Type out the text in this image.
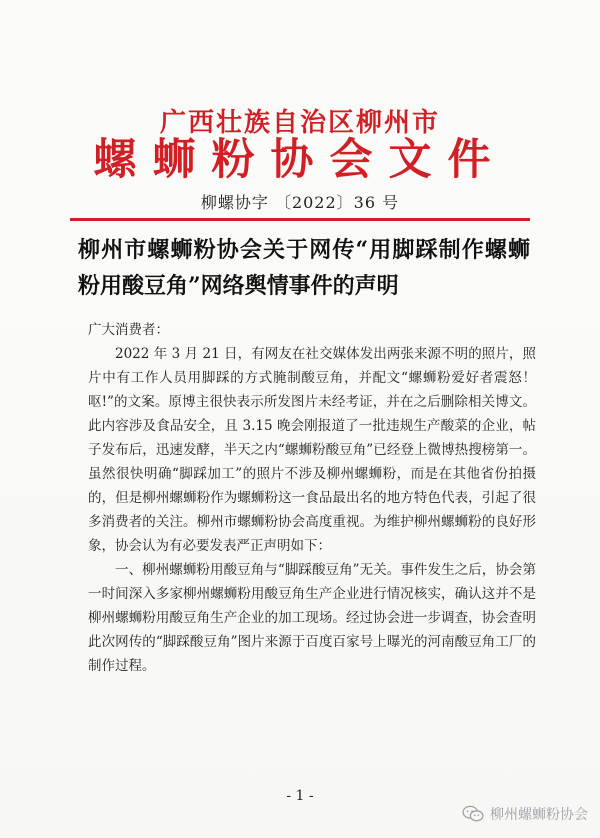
广西壮族自治区柳州市
螺蛳粉协会文件
柳螺协字 〔2022〕36 号
柳州市螺蛳粉协会关于网传“用脚踩制作螺蛳粉用酸豆角”网络舆情事件的声明

广大消费者：

2022 年 3 月 21 日，有网友在社交媒体发出两张来源不明的照片，照片中有工作人员用脚踩的方式腌制酸豆角，并配文“螺蛳粉爱好者震怒！呕!”的文案。原博主很快表示所发图片未经考证，并在之后删除相关博文。此内容涉及食品安全，且 3.15 晚会刚报道了一批违规生产酸菜的企业，帖子发布后，迅速发酵，半天之内“螺蛳粉酸豆角”已经登上微博热搜榜第一。虽然很快明确“脚踩加工”的照片不涉及柳州螺蛳粉，而是在其他省份拍摄的，但是柳州螺蛳粉作为螺蛳粉这一食品最出名的地方特色代表，引起了很多消费者的关注。柳州市螺蛳粉协会高度重视。为维护柳州螺蛳粉的良好形象，协会认为有必要发表严正声明如下：

一、柳州螺蛳粉用酸豆角与“脚踩酸豆角”无关。事件发生之后，协会第一时间深入多家柳州螺蛳粉用酸豆角生产企业进行情况核实，确认这并不是柳州螺蛳粉用酸豆角生产企业的加工现场。经过协会进一步调查，协会查明此次网传的“脚踩酸豆角”图片来源于百度百家号上曝光的河南酸豆角工厂的制作过程。

- 1 -
柳州螺蛳粉协会
